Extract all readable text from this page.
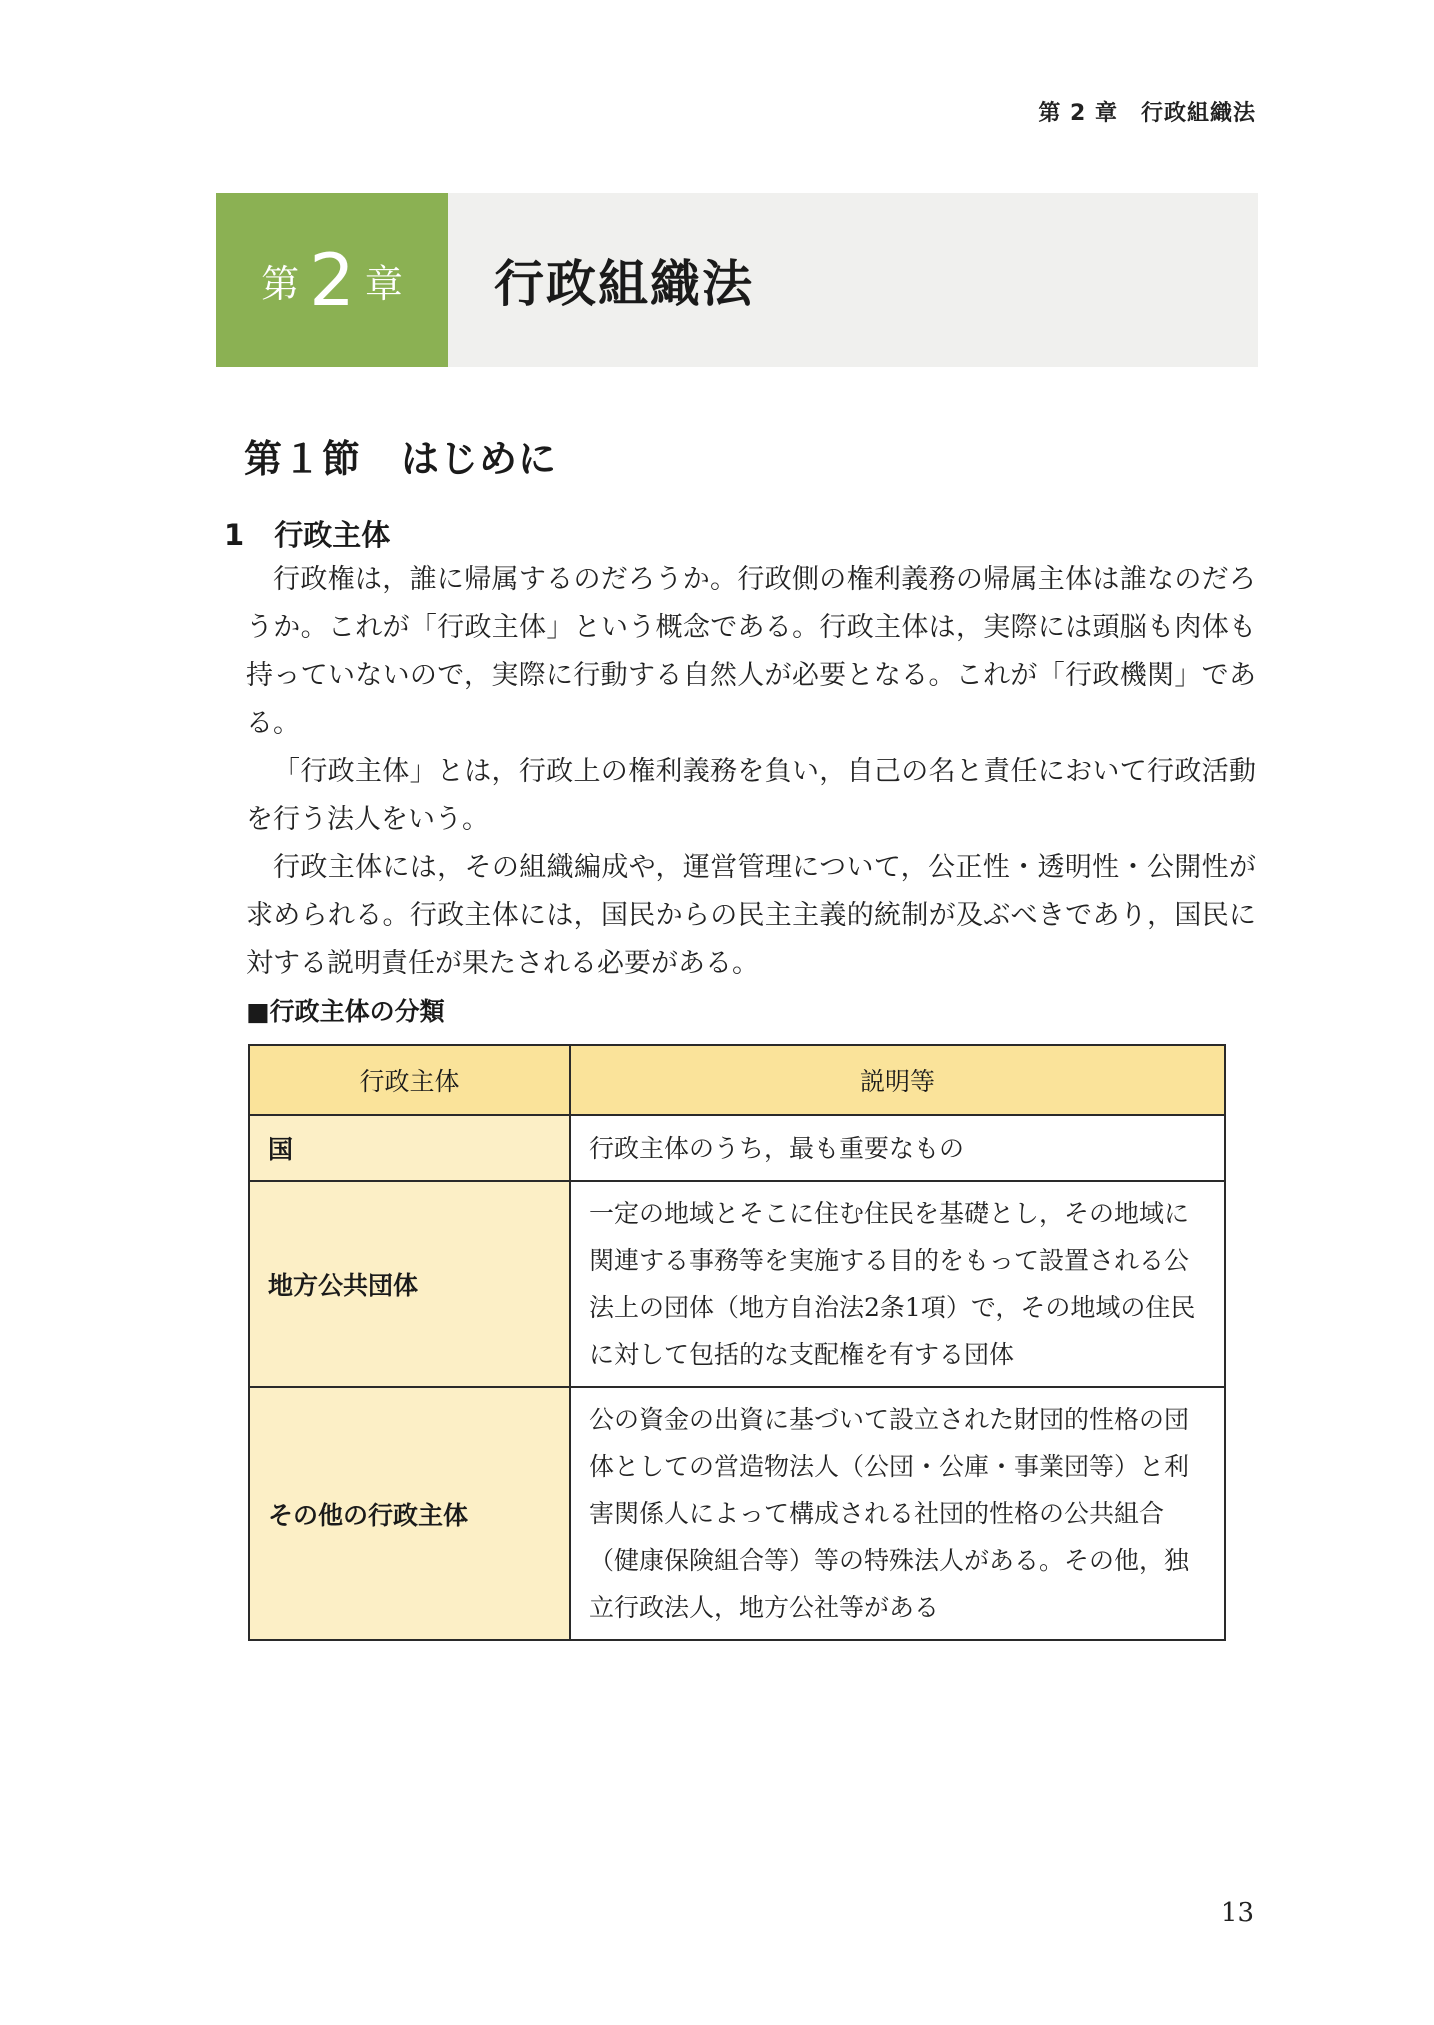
第 2 章　行政組織法
第 2 章	行政組織法
第１節 はじめに
1 行政主体

行政権は，誰に帰属するのだろうか。行政側の権利義務の帰属主体は誰なのだろうか。これが「行政主体」という概念である。行政主体は，実際には頭脳も肉体も持っていないので，実際に行動する自然人が必要となる。これが「行政機関」である。

「行政主体」とは，行政上の権利義務を負い，自己の名と責任において行政活動を行う法人をいう。

行政主体には，その組織編成や，運営管理について，公正性・透明性・公開性が求められる。行政主体には，国民からの民主主義的統制が及ぶべきであり，国民に対する説明責任が果たされる必要がある。

■行政主体の分類
行政主体	説明等
国	行政主体のうち，最も重要なもの
地方公共団体	一定の地域とそこに住む住民を基礎とし，その地域に関連する事務等を実施する目的をもって設置される公法上の団体（地方自治法2条1項）で，その地域の住民に対して包括的な支配権を有する団体
その他の行政主体	公の資金の出資に基づいて設立された財団的性格の団体としての営造物法人（公団・公庫・事業団等）と利害関係人によって構成される社団的性格の公共組合（健康保険組合等）等の特殊法人がある。その他，独立行政法人，地方公社等がある
13
